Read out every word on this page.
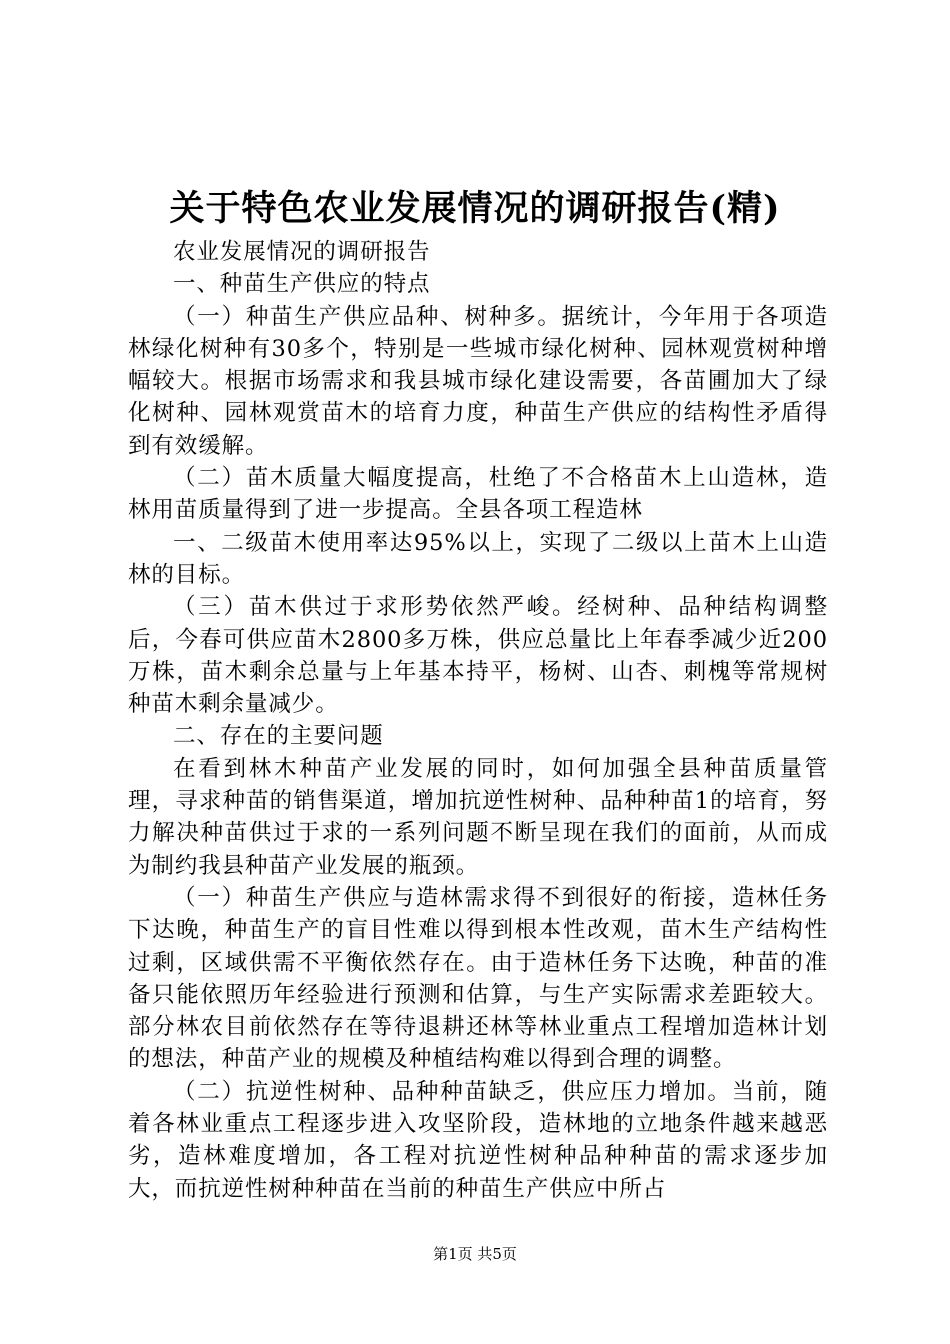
关于特色农业发展情况的调研报告(精)

农业发展情况的调研报告

一、种苗生产供应的特点

（一）种苗生产供应品种、树种多。据统计，今年用于各项造林绿化树种有30多个，特别是一些城市绿化树种、园林观赏树种增幅较大。根据市场需求和我县城市绿化建设需要，各苗圃加大了绿化树种、园林观赏苗木的培育力度，种苗生产供应的结构性矛盾得到有效缓解。

（二）苗木质量大幅度提高，杜绝了不合格苗木上山造林，造林用苗质量得到了进一步提高。全县各项工程造林

一、二级苗木使用率达95%以上，实现了二级以上苗木上山造林的目标。

（三）苗木供过于求形势依然严峻。经树种、品种结构调整后，今春可供应苗木2800多万株，供应总量比上年春季减少近200万株，苗木剩余总量与上年基本持平，杨树、山杏、刺槐等常规树种苗木剩余量减少。

二、存在的主要问题

在看到林木种苗产业发展的同时，如何加强全县种苗质量管理，寻求种苗的销售渠道，增加抗逆性树种、品种种苗1的培育，努力解决种苗供过于求的一系列问题不断呈现在我们的面前，从而成为制约我县种苗产业发展的瓶颈。

（一）种苗生产供应与造林需求得不到很好的衔接，造林任务下达晚，种苗生产的盲目性难以得到根本性改观，苗木生产结构性过剩，区域供需不平衡依然存在。由于造林任务下达晚，种苗的准备只能依照历年经验进行预测和估算，与生产实际需求差距较大。部分林农目前依然存在等待退耕还林等林业重点工程增加造林计划的想法，种苗产业的规模及种植结构难以得到合理的调整。

（二）抗逆性树种、品种种苗缺乏，供应压力增加。当前，随着各林业重点工程逐步进入攻坚阶段，造林地的立地条件越来越恶劣，造林难度增加，各工程对抗逆性树种品种种苗的需求逐步加大，而抗逆性树种种苗在当前的种苗生产供应中所占

第1页 共5页
